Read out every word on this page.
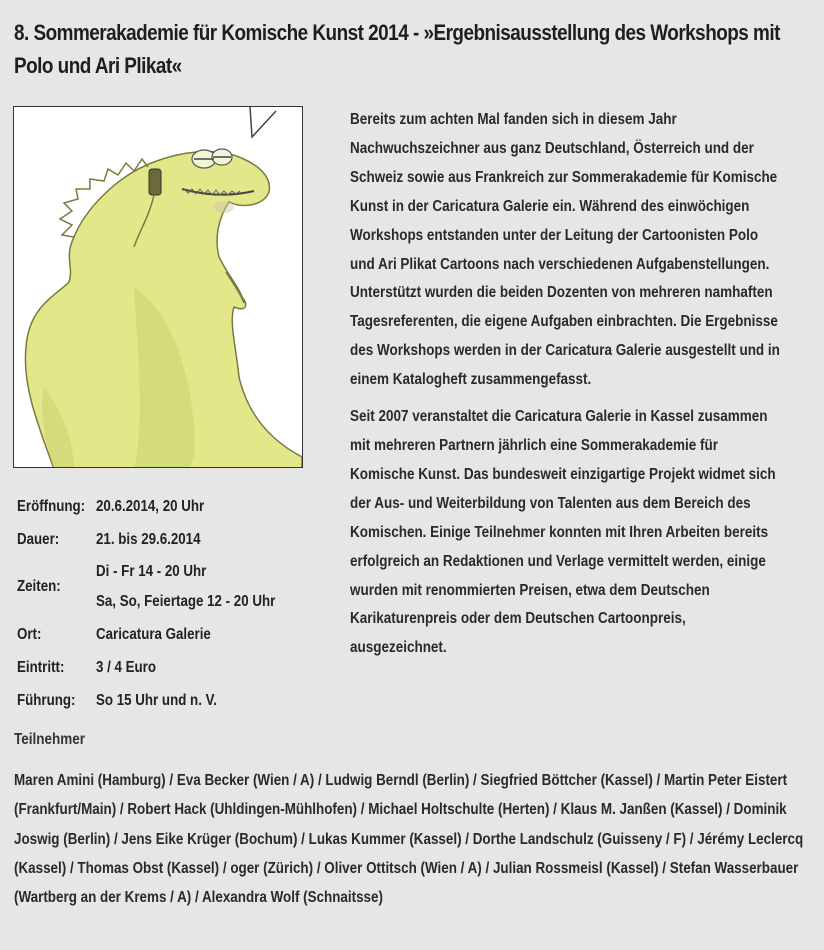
8. Sommerakademie für Komische Kunst 2014 - »Ergebnisausstellung des Workshops mit Polo und Ari Plikat«

Bereits zum achten Mal fanden sich in diesem Jahr Nachwuchszeichner aus ganz Deutschland, Österreich und der Schweiz sowie aus Frankreich zur Sommerakademie für Komische Kunst in der Caricatura Galerie ein. Während des einwöchigen Workshops entstanden unter der Leitung der Cartoonisten Polo und Ari Plikat Cartoons nach verschiedenen Aufgabenstellungen. Unterstützt wurden die beiden Dozenten von mehreren namhaften Tagesreferenten, die eigene Aufgaben einbrachten. Die Ergebnisse des Workshops werden in der Caricatura Galerie ausgestellt und in einem Katalogheft zusammengefasst.

Seit 2007 veranstaltet die Caricatura Galerie in Kassel zusammen mit mehreren Partnern jährlich eine Sommerakademie für Komische Kunst. Das bundesweit einzigartige Projekt widmet sich der Aus- und Weiterbildung von Talenten aus dem Bereich des Komischen. Einige Teilnehmer konnten mit Ihren Arbeiten bereits erfolgreich an Redaktionen und Verlage vermittelt werden, einige wurden mit renommierten Preisen, etwa dem Deutschen Karikaturenpreis oder dem Deutschen Cartoonpreis, ausgezeichnet.

Eröffnung:	20.6.2014, 20 Uhr
Dauer:	21. bis 29.6.2014
Zeiten:	Di - Fr 14 - 20 Uhr
Sa, So, Feiertage 12 - 20 Uhr
Ort:	Caricatura Galerie
Eintritt:	3 / 4 Euro
Führung:	So 15 Uhr und n. V.
Teilnehmer
Maren Amini (Hamburg) / Eva Becker (Wien / A) / Ludwig Berndl (Berlin) / Siegfried Böttcher (Kassel) / Martin Peter Eistert (Frankfurt/Main) / Robert Hack (Uhldingen-Mühlhofen) / Michael Holtschulte (Herten) / Klaus M. Janßen (Kassel) / Dominik Joswig (Berlin) / Jens Eike Krüger (Bochum) / Lukas Kummer (Kassel) / Dorthe Landschulz (Guisseny / F) / Jérémy Leclercq (Kassel) / Thomas Obst (Kassel) / oger (Zürich) / Oliver Ottitsch (Wien / A) / Julian Rossmeisl (Kassel) / Stefan Wasserbauer (Wartberg an der Krems / A) / Alexandra Wolf (Schnaitsse)
